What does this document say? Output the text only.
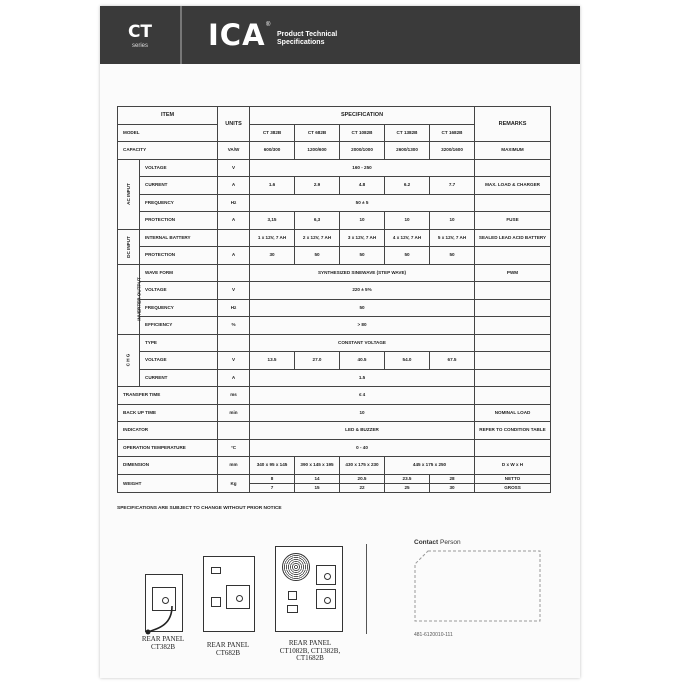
CT
series	ICA ®
Product Technical Specifications
ITEM		UNITS	SPECIFICATION					REMARKS
MODEL			CT 382B	CT 682B	CT 1082B	CT 1382B	CT 1682B	
CAPACITY		VA/W	600/300	1200/600	2000/1000	2600/1300	3200/1600	MAXIMUM
AC INPUT	VOLTAGE	V	160 - 250					
	CURRENT	A	1.6	2.9	4.8	6.2	7.7	MAX. LOAD & CHARGER
	FREQUENCY	Hz	50 ± 5					
	PROTECTION	A	3,15	6,3	10	10	10	FUSE
DC INPUT	INTERNAL BATTERY		1 x 12V, 7 AH	2 x 12V, 7 AH	3 x 12V, 7 AH	4 x 12V, 7 AH	5 x 12V, 7 AH	SEALED LEAD ACID BATTERY
	PROTECTION	A	30	50	50	50	50	
INVERTER OUTPUT	WAVE FORM		SYNTHESIZED SINEWAVE (STEP WAVE)					PWM
	VOLTAGE	V	220 ± 5%					
	FREQUENCY	Hz	50					
	EFFICIENCY	%	> 80					
C H G	TYPE		CONSTANT VOLTAGE					
	VOLTAGE	V	13.5	27.0	40.5	54.0	67.5	
	CURRENT	A	1.5					
TRANSFER TIME		ms	≤ 4					
BACK UP TIME		min	10					NOMINAL LOAD
INDICATOR			LED & BUZZER					REFER TO CONDITION TABLE
OPERATION TEMPERATURE		°C	0 - 40					
DIMENSION		mm	340 x 95 x 145	390 x 145 x 195	430 x 175 x 230	445 x 175 x 250		D x W x H
WEIGHT		Kg	8	14	20.5	23.5	28	NETTO
			7	15	22	25	30	GROSS
SPECIFICATIONS ARE SUBJECT TO CHANGE WITHOUT PRIOR NOTICE
REAR PANEL
CT382B	REAR PANEL
CT682B
REAR PANEL
CT1082B, CT1382B,
CT1682B
Contact Person
481-6120010-111
